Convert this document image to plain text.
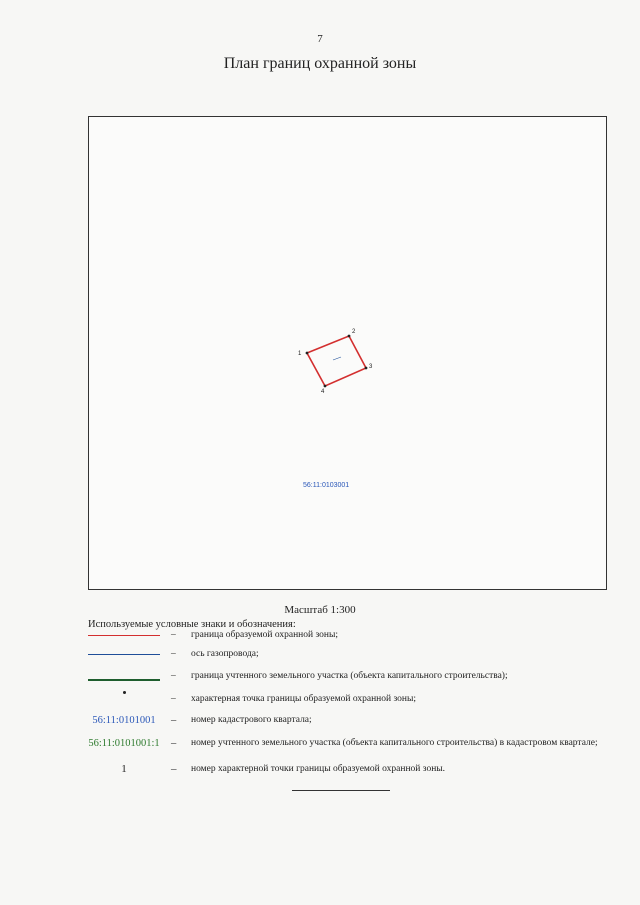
7
План границ охранной зоны
1
2
3
4
56:11:0103001
Масштаб 1:300
Используемые условные знаки и обозначения:
–	граница образуемой охранной зоны;
–	ось газопровода;
–	граница учтенного земельного участка (объекта капитального строительства);
–	характерная точка границы образуемой охранной зоны;
56:11:0101001	–	номер кадастрового квартала;
56:11:0101001:1	–	номер учтенного земельного участка (объекта капитального строительства) в кадастровом квартале;
1	–	номер характерной точки границы образуемой охранной зоны.
